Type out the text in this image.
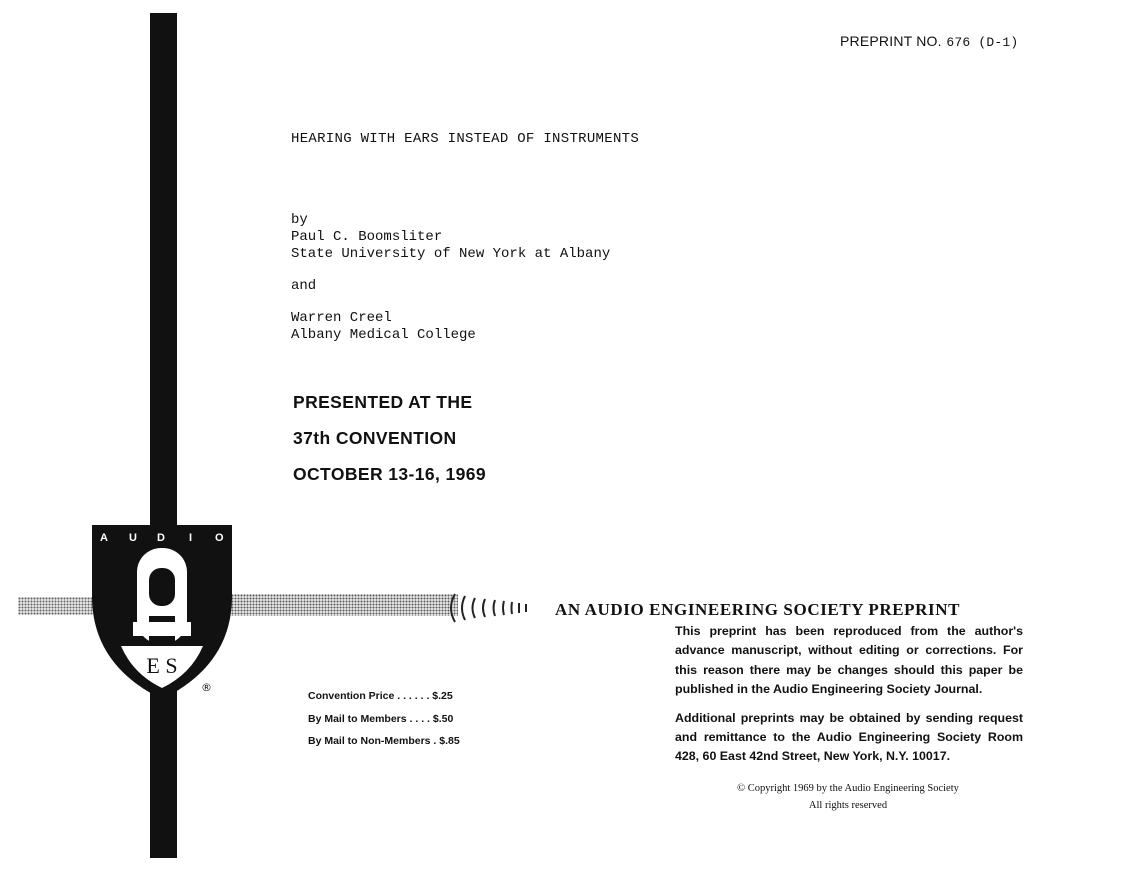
PREPRINT NO. 676 (D-1)
HEARING WITH EARS INSTEAD OF INSTRUMENTS
by
Paul C. Boomsliter
State University of New York at Albany
and
Warren Creel
Albany Medical College
PRESENTED AT THE
37th CONVENTION
OCTOBER 13-16, 1969
A U D I O
E S
®
AN AUDIO ENGINEERING SOCIETY PREPRINT

This preprint has been reproduced from the author's advance manuscript, without editing or corrections. For this reason there may be changes should this paper be published in the Audio Engineering Society Journal.

Additional preprints may be obtained by sending request and remittance to the Audio Engineering Society Room 428, 60 East 42nd Street, New York, N.Y. 10017.

Convention Price . . . . . . $.25
By Mail to Members . . . . $.50
By Mail to Non-Members . $.85
© Copyright 1969 by the Audio Engineering Society
All rights reserved
